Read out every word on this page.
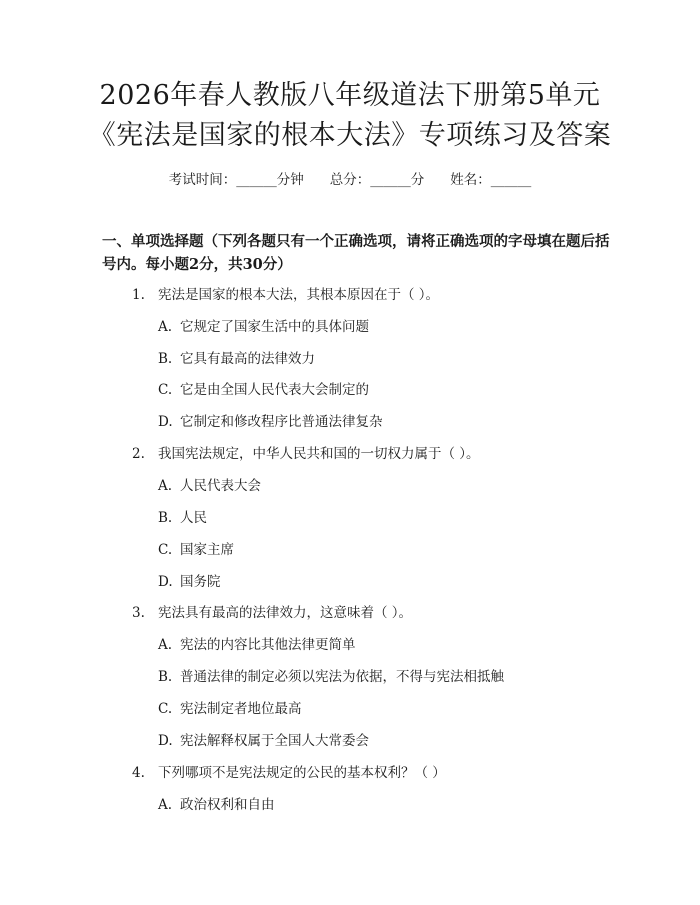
2026年春人教版八年级道法下册第5单元
《宪法是国家的根本大法》专项练习及答案
考试时间：______分钟 总分：______分 姓名：______
一、单项选择题（下列各题只有一个正确选项，请将正确选项的字母填在题后括号内。每小题2分，共30分）
1. 宪法是国家的根本大法，其根本原因在于（ ）。
A. 它规定了国家生活中的具体问题
B. 它具有最高的法律效力
C. 它是由全国人民代表大会制定的
D. 它制定和修改程序比普通法律复杂
2. 我国宪法规定，中华人民共和国的一切权力属于（ ）。
A. 人民代表大会
B. 人民
C. 国家主席
D. 国务院
3. 宪法具有最高的法律效力，这意味着（ ）。
A. 宪法的内容比其他法律更简单
B. 普通法律的制定必须以宪法为依据，不得与宪法相抵触
C. 宪法制定者地位最高
D. 宪法解释权属于全国人大常委会
4. 下列哪项不是宪法规定的公民的基本权利？（ ）
A. 政治权利和自由
